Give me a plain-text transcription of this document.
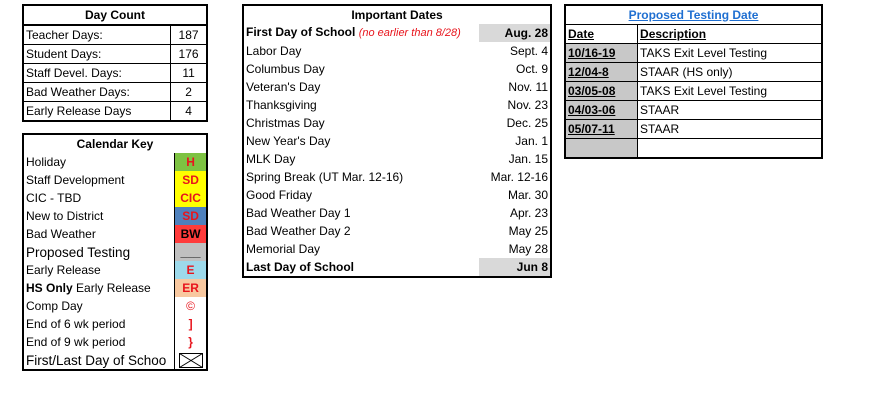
Day Count	
Teacher Days:	187
Student Days:	176
Staff Devel. Days:	11
Bad Weather Days:	2
Early Release Days	4
Calendar Key	
Holiday	H
Staff Development	SD
CIC - TBD	CIC
New to District	SD
Bad Weather	BW
Proposed Testing	___
Early Release	E
HS Only Early Release	ER
Comp Day	©
End of 6 wk period	]
End of 9 wk period	}
First/Last Day of Schoo	
Important Dates	
First Day of School (no earlier than 8/28)	Aug. 28
Labor Day	Sept. 4
Columbus Day	Oct. 9
Veteran's Day	Nov. 11
Thanksgiving	Nov. 23
Christmas Day	Dec. 25
New Year's Day	Jan. 1
MLK Day	Jan. 15
Spring Break (UT Mar. 12-16)	Mar. 12-16
Good Friday	Mar. 30
Bad Weather Day 1	Apr. 23
Bad Weather Day 2	May 25
Memorial Day	May 28
Last Day of School	Jun 8
Proposed Testing Date	
Date	Description
10/16-19	TAKS Exit Level Testing
12/04-8	STAAR (HS only)
03/05-08	TAKS Exit Level Testing
04/03-06	STAAR
05/07-11	STAAR
